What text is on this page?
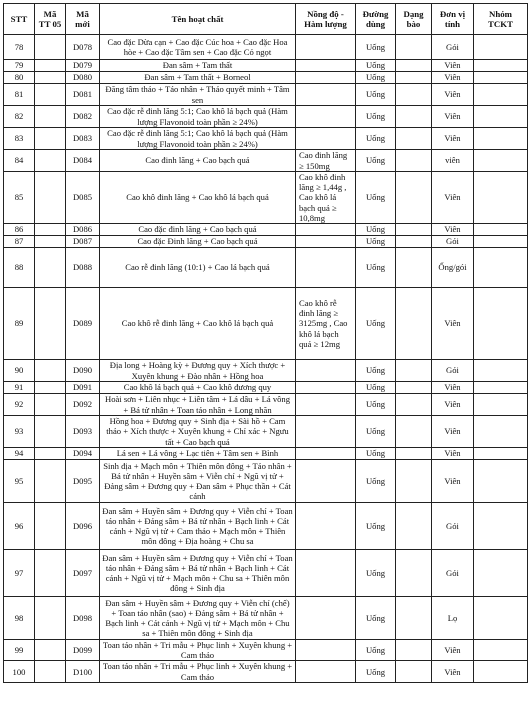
STT	Mã TT 05	Mã mới	Tên hoạt chất	Nồng độ - Hàm lượng	Đường dùng	Dạng bào	Đơn vị tính	Nhóm TCKT
78		D078	Cao đặc Dừa cạn + Cao đặc Cúc hoa + Cao đặc Hoa hòe + Cao đặc Tâm sen + Cao đặc Cỏ ngọt		Uống		Gói	
79		D079	Đan sâm + Tam thất		Uống		Viên	
80		D080	Đan sâm + Tam thất + Borneol		Uống		Viên	
81		D081	Đăng tâm thảo + Táo nhân + Thảo quyết minh + Tâm sen		Uống		Viên	
82		D082	Cao đặc rễ đinh lăng 5:1; Cao khô lá bạch quả (Hàm lượng Flavonoid toàn phần ≥ 24%)		Uống		Viên	
83		D083	Cao đặc rễ đinh lăng 5:1; Cao khô lá bạch quả (Hàm lượng Flavonoid toàn phần ≥ 24%)		Uống		Viên	
84		D084	Cao đinh lăng + Cao bạch quả	Cao đinh lăng ≥ 150mg	Uống		viên	
85		D085	Cao khô đinh lăng + Cao khô lá bạch quả	Cao khô đinh lăng ≥ 1,44g , Cao khô lá bạch quả ≥ 10,8mg	Uống		Viên	
86		D086	Cao đặc đinh lăng + Cao bạch quả		Uống		Viên	
87		D087	Cao đặc Đinh lăng + Cao bạch quả		Uống		Gói	
88		D088	Cao rễ đinh lăng (10:1) + Cao lá bạch quả		Uống		Ống/gói	
89		D089	Cao khô rễ đinh lăng + Cao khô lá bạch quả	Cao khô rễ đinh lăng ≥ 3125mg , Cao khô lá bạch quả ≥ 12mg	Uống		Viên	
90		D090	Địa long + Hoàng kỳ + Đương quy + Xích thược + Xuyên khung + Đào nhân + Hồng hoa		Uống		Gói	
91		D091	Cao khô lá bạch quả + Cao khô đương quy		Uống		Viên	
92		D092	Hoài sơn + Liên nhục + Liên tâm + Lá dâu + Lá vông + Bá tử nhân + Toan táo nhân + Long nhãn		Uống		Viên	
93		D093	Hồng hoa + Đương quy + Sinh địa + Sài hồ + Cam thảo + Xích thược + Xuyên khung + Chỉ xác + Ngưu tất + Cao bạch quả		Uống		Viên	
94		D094	Lá sen + Lá vông + Lạc tiên + Tâm sen + Bình		Uống		Viên	
95		D095	Sinh địa + Mạch môn + Thiên môn đông + Táo nhân + Bá tử nhân + Huyền sâm + Viễn chí + Ngũ vị tử + Đảng sâm + Đương quy + Đan sâm + Phục thần + Cát cánh		Uống		Viên	
96		D096	Đan sâm + Huyền sâm + Đương quy + Viễn chí + Toan táo nhân + Đảng sâm + Bá tử nhân + Bạch linh + Cát cánh + Ngũ vị tử + Cam thảo + Mạch môn + Thiên môn đông + Địa hoàng + Chu sa		Uống		Gói	
97		D097	Đan sâm + Huyền sâm + Đương quy + Viễn chí + Toan táo nhân + Đảng sâm + Bá tử nhân + Bạch linh + Cát cánh + Ngũ vị tử + Mạch môn + Chu sa + Thiên môn đông + Sinh địa		Uống		Gói	
98		D098	Đan sâm + Huyền sâm + Đương quy + Viễn chí (chế) + Toan táo nhân (sao) + Đảng sâm + Bá tử nhân + Bạch linh + Cát cánh + Ngũ vị tử + Mạch môn + Chu sa + Thiên môn đông + Sinh địa		Uống		Lọ	
99		D099	Toan táo nhân + Tri mẫu + Phục linh + Xuyên khung + Cam thảo		Uống		Viên	
100		D100	Toan táo nhân + Tri mẫu + Phục linh + Xuyên khung + Cam thảo		Uống		Viên	
